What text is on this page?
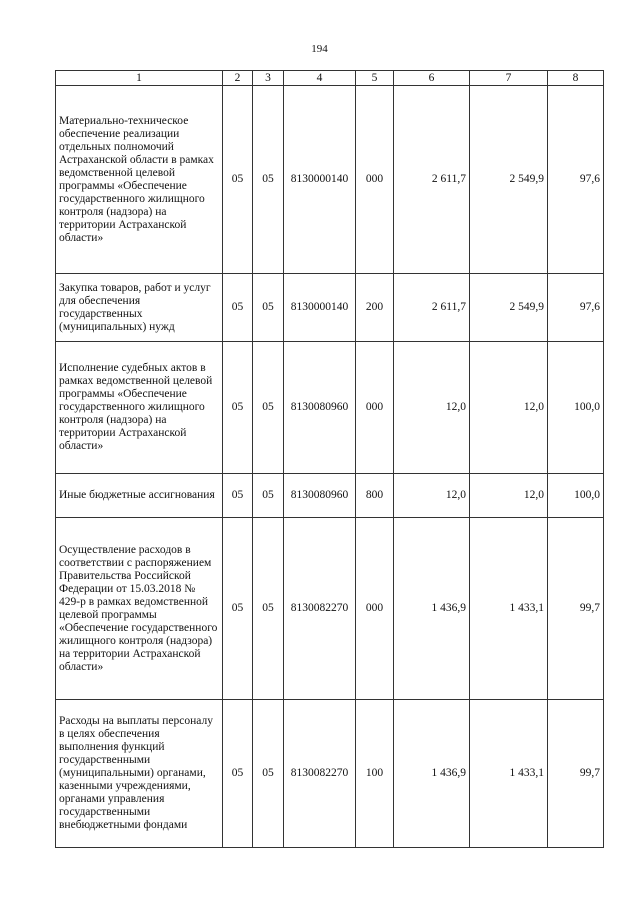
194
1	2	3	4	5	6	7	8
Материально-техническое обеспечение реализации отдельных полномочий Астраханской области в рамках ведомственной целевой программы «Обеспечение государственного жилищного контроля (надзора) на территории Астраханской области»	05	05	8130000140	000	2 611,7	2 549,9	97,6
Закупка товаров, работ и услуг для обеспечения государственных (муниципальных) нужд	05	05	8130000140	200	2 611,7	2 549,9	97,6
Исполнение судебных актов в рамках ведомственной целевой программы «Обеспечение государственного жилищного контроля (надзора) на территории Астраханской области»	05	05	8130080960	000	12,0	12,0	100,0
Иные бюджетные ассигнования	05	05	8130080960	800	12,0	12,0	100,0
Осуществление расходов в соответствии с распоряжением Правительства Российской Федерации от 15.03.2018 № 429-р в рамках ведомственной целевой программы «Обеспечение государственного жилищного контроля (надзора) на территории Астраханской области»	05	05	8130082270	000	1 436,9	1 433,1	99,7
Расходы на выплаты персоналу в целях обеспечения выполнения функций государственными (муниципальными) органами, казенными учреждениями, органами управления государственными внебюджетными фондами	05	05	8130082270	100	1 436,9	1 433,1	99,7
